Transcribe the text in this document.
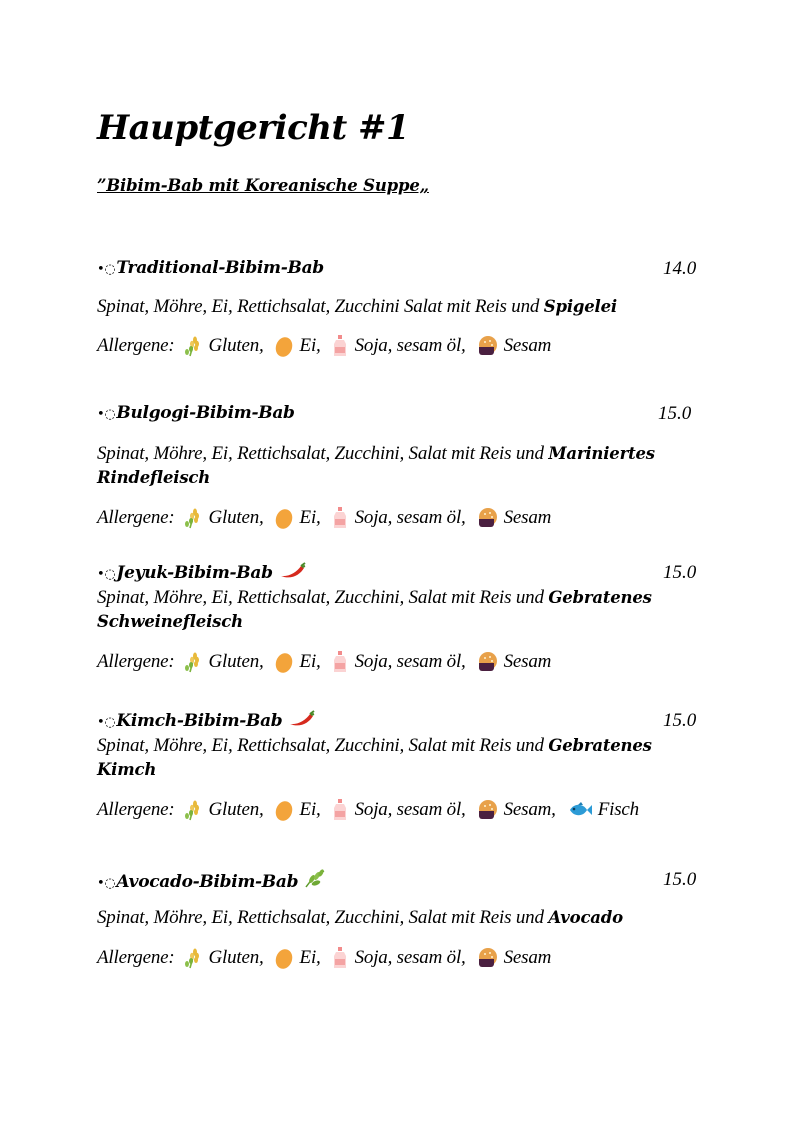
Hauptgericht #1
”Bibim-Bab mit Koreanische Suppe„
•◌Traditional-Bibim-Bab	14.0
Spinat, Möhre, Ei, Rettichsalat, Zucchini Salat mit Reis und Spigelei
Allergene: Gluten, Ei, Soja, sesam öl, Sesam
•◌Bulgogi-Bibim-Bab	15.0
Spinat, Möhre, Ei, Rettichsalat, Zucchini, Salat mit Reis und Mariniertes Rindefleisch
Allergene: Gluten, Ei, Soja, sesam öl, Sesam
•◌Jeyuk-Bibim-Bab	15.0
Spinat, Möhre, Ei, Rettichsalat, Zucchini, Salat mit Reis und Gebratenes Schweinefleisch
Allergene: Gluten, Ei, Soja, sesam öl, Sesam
•◌Kimch-Bibim-Bab	15.0
Spinat, Möhre, Ei, Rettichsalat, Zucchini, Salat mit Reis und Gebratenes Kimch
Allergene: Gluten, Ei, Soja, sesam öl, Sesam, Fisch
•◌Avocado-Bibim-Bab	15.0
Spinat, Möhre, Ei, Rettichsalat, Zucchini, Salat mit Reis und Avocado
Allergene: Gluten, Ei, Soja, sesam öl, Sesam
